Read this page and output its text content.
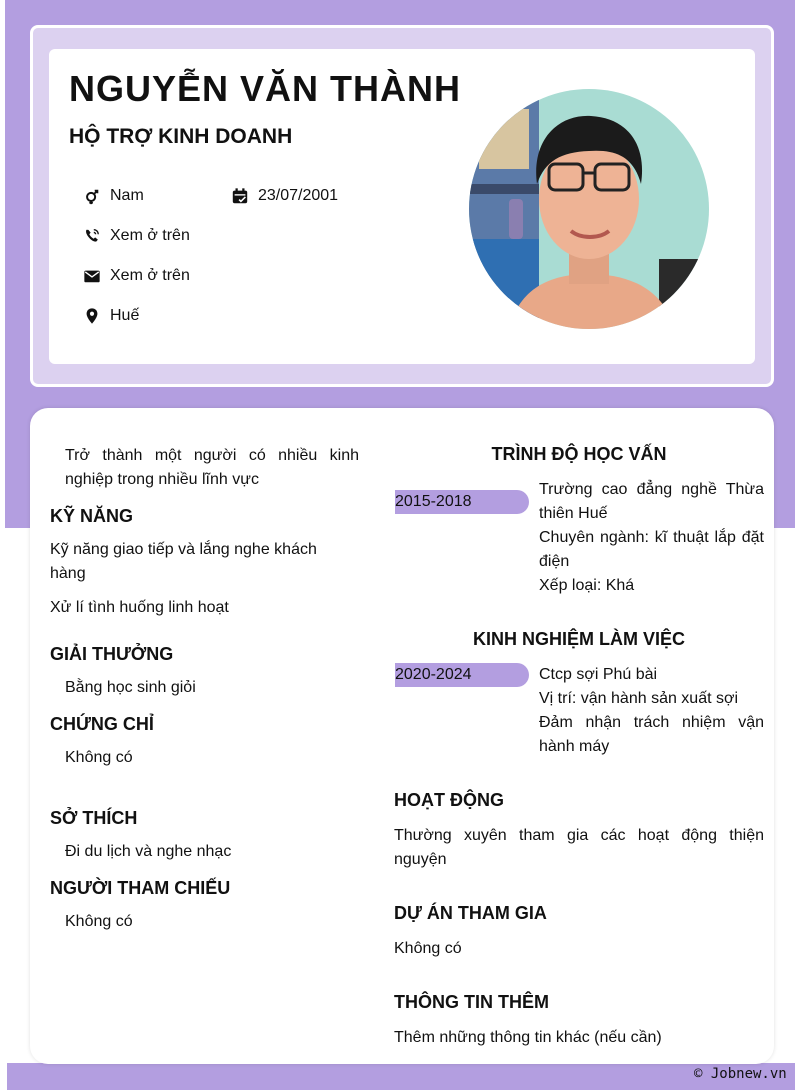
NGUYỄN VĂN THÀNH
HỘ TRỢ KINH DOANH
Nam	23/07/2001
Xem ở trên
Xem ở trên
Huế
Trở thành một người có nhiều kinh nghiệp trong nhiều lĩnh vực
KỸ NĂNG
Kỹ năng giao tiếp và lắng nghe khách hàng
Xử lí tình huống linh hoạt
GIẢI THƯỞNG
Bằng học sinh giỏi
CHỨNG CHỈ
Không có
SỞ THÍCH
Đi du lịch và nghe nhạc
NGƯỜI THAM CHIẾU
Không có
TRÌNH ĐỘ HỌC VẤN
2015-2018
Trường cao đẳng nghề Thừa thiên Huế
Chuyên ngành: kĩ thuật lắp đặt điện
Xếp loại: Khá
KINH NGHIỆM LÀM VIỆC
2020-2024	Ctcp sợi Phú bài
Vị trí: vận hành sản xuất sợi
Đảm nhận trách nhiệm vận hành máy
HOẠT ĐỘNG
Thường xuyên tham gia các hoạt động thiện nguyện
DỰ ÁN THAM GIA
Không có
THÔNG TIN THÊM
Thêm những thông tin khác (nếu cần)
© Jobnew.vn
